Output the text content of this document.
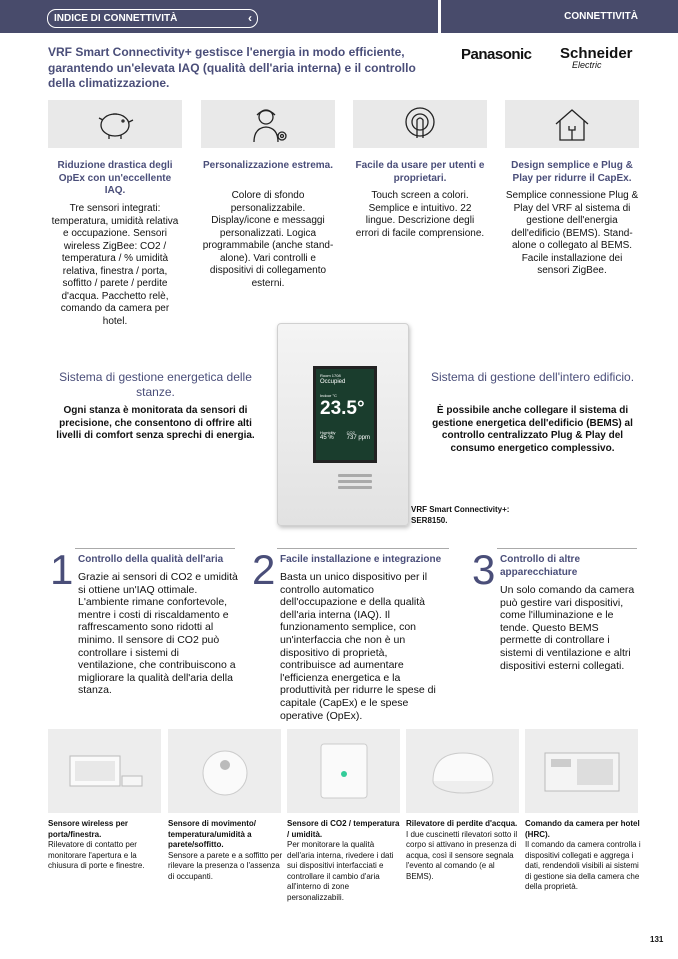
INDICE DI CONNETTIVITÀ	‹	CONNETTIVITÀ
VRF Smart Connectivity+ gestisce l'energia in modo efficiente, garantendo un'elevata IAQ (qualità dell'aria interna) e il controllo della climatizzazione.
Panasonic Schneider
Electric
Riduzione drastica degli OpEx con un'eccellente IAQ.
Tre sensori integrati: temperatura, umidità relativa e occupazione. Sensori wireless ZigBee: CO2 / temperatura / % umidità relativa, finestra / porta, soffitto / parete / perdite d'acqua. Pacchetto relè, comando da camera per hotel.
Personalizzazione estrema.
Colore di sfondo personalizzabile. Display/icone e messaggi personalizzati. Logica programmabile (anche stand-alone). Vari controlli e dispositivi di collegamento esterni.
Facile da usare per utenti e proprietari.
Touch screen a colori. Semplice e intuitivo. 22 lingue. Descrizione degli errori di facile comprensione.
Design semplice e Plug & Play per ridurre il CapEx.
Semplice connessione Plug & Play del VRF al sistema di gestione dell'energia dell'edificio (BEMS). Stand-alone o collegato al BEMS. Facile installazione dei sensori ZigBee.
Sistema di gestione energetica delle stanze.
Ogni stanza è monitorata da sensori di precisione, che consentono di offrire alti livelli di comfort senza sprechi di energia.
Sistema di gestione dell'intero edificio.
È possibile anche collegare il sistema di gestione energetica dell'edificio (BEMS) al controllo centralizzato Plug & Play del consumo energetico complessivo.
Room 1708
Occupied
Indoor °C
23.5°
Humidity
45 %
CO2
737 ppm
VRF Smart Connectivity+:
SER8150.
1 Controllo della qualità dell'aria
Grazie ai sensori di CO2 e umidità si ottiene un'IAQ ottimale. L'ambiente rimane confortevole, mentre i costi di riscaldamento e raffrescamento sono ridotti al minimo. Il sensore di CO2 può controllare i sistemi di ventilazione, che contribuiscono a migliorare la qualità dell'aria della stanza.
2 Facile installazione e integrazione
Basta un unico dispositivo per il controllo automatico dell'occupazione e della qualità dell'aria interna (IAQ). Il funzionamento semplice, con un'interfaccia che non è un dispositivo di proprietà, contribuisce ad aumentare l'efficienza energetica e la produttività per ridurre le spese di capitale (CapEx) e le spese operative (OpEx).
3 Controllo di altre apparecchiature
Un solo comando da camera può gestire vari dispositivi, come l'illuminazione e le tende. Questo BEMS permette di controllare i sistemi di ventilazione e altri dispositivi esterni collegati.
Sensore wireless per porta/finestra.
Rilevatore di contatto per monitorare l'apertura e la chiusura di porte e finestre.
Sensore di movimento/ temperatura/umidità a parete/soffitto.
Sensore a parete e a soffitto per rilevare la presenza o l'assenza di occupanti.
Sensore di CO2 / temperatura / umidità.
Per monitorare la qualità dell'aria interna, rivedere i dati sui dispositivi interfacciati e controllare il cambio d'aria all'interno di zone personalizzabili.
Rilevatore di perdite d'acqua.
I due cuscinetti rilevatori sotto il corpo si attivano in presenza di acqua, così il sensore segnala l'evento al comando (e al BEMS).
Comando da camera per hotel (HRC).
Il comando da camera controlla i dispositivi collegati e aggrega i dati, rendendoli visibili ai sistemi di gestione sia della camera che della proprietà.
131
